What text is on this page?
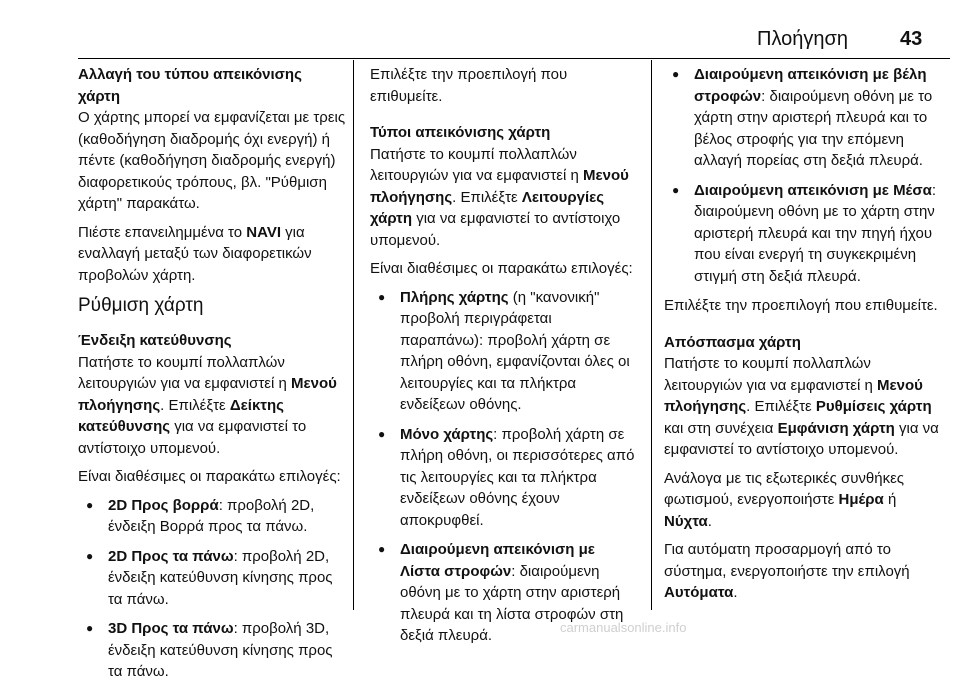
Πλοήγηση	43
Αλλαγή του τύπου απεικόνισης χάρτη

Ο χάρτης μπορεί να εμφανίζεται με τρεις (καθοδήγηση διαδρομής όχι ενεργή) ή πέντε (καθοδήγηση διαδρομής ενεργή) διαφορετικούς τρόπους, βλ. "Ρύθμιση χάρτη" παρακάτω.

Πιέστε επανειλημμένα το NAVI για εναλλαγή μεταξύ των διαφορετικών προβολών χάρτη.

Ρύθμιση χάρτη
Ένδειξη κατεύθυνσης

Πατήστε το κουμπί πολλαπλών λειτουργιών για να εμφανιστεί η Μενού πλοήγησης. Επιλέξτε Δείκτης κατεύθυνσης για να εμφανιστεί το αντίστοιχο υπομενού.

Είναι διαθέσιμες οι παρακάτω επιλογές:

● 2D Προς βορρά: προβολή 2D, ένδειξη Βορρά προς τα πάνω.
● 2D Προς τα πάνω: προβολή 2D, ένδειξη κατεύθυνση κίνησης προς τα πάνω.
● 3D Προς τα πάνω: προβολή 3D, ένδειξη κατεύθυνση κίνησης προς τα πάνω.

Επιλέξτε την προεπιλογή που επιθυμείτε.

Τύποι απεικόνισης χάρτη

Πατήστε το κουμπί πολλαπλών λειτουργιών για να εμφανιστεί η Μενού πλοήγησης. Επιλέξτε Λειτουργίες χάρτη για να εμφανιστεί το αντίστοιχο υπομενού.

Είναι διαθέσιμες οι παρακάτω επιλογές:

● Πλήρης χάρτης (η "κανονική" προβολή περιγράφεται παραπάνω): προβολή χάρτη σε πλήρη οθόνη, εμφανίζονται όλες οι λειτουργίες και τα πλήκτρα ενδείξεων οθόνης.
● Μόνο χάρτης: προβολή χάρτη σε πλήρη οθόνη, οι περισσότερες από τις λειτουργίες και τα πλήκτρα ενδείξεων οθόνης έχουν αποκρυφθεί.
● Διαιρούμενη απεικόνιση με Λίστα στροφών: διαιρούμενη οθόνη με το χάρτη στην αριστερή πλευρά και τη λίστα στροφών στη δεξιά πλευρά.
● Διαιρούμενη απεικόνιση με βέλη στροφών: διαιρούμενη οθόνη με το χάρτη στην αριστερή πλευρά και το βέλος στροφής για την επόμενη αλλαγή πορείας στη δεξιά πλευρά.
● Διαιρούμενη απεικόνιση με Μέσα: διαιρούμενη οθόνη με το χάρτη στην αριστερή πλευρά και την πηγή ήχου που είναι ενεργή τη συγκεκριμένη στιγμή στη δεξιά πλευρά.

Επιλέξτε την προεπιλογή που επιθυμείτε.

Απόσπασμα χάρτη

Πατήστε το κουμπί πολλαπλών λειτουργιών για να εμφανιστεί η Μενού πλοήγησης. Επιλέξτε Ρυθμίσεις χάρτη και στη συνέχεια Εμφάνιση χάρτη για να εμφανιστεί το αντίστοιχο υπομενού.

Ανάλογα με τις εξωτερικές συνθήκες φωτισμού, ενεργοποιήστε Ημέρα ή Νύχτα.

Για αυτόματη προσαρμογή από το σύστημα, ενεργοποιήστε την επιλογή Αυτόματα.

carmanualsonline.info
